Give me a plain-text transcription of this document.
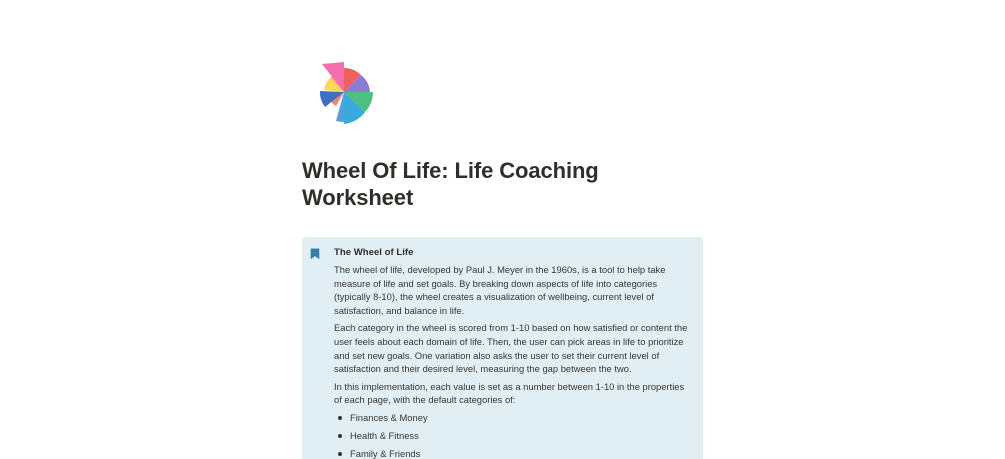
Wheel Of Life: Life Coaching Worksheet
The Wheel of Life

The wheel of life, developed by Paul J. Meyer in the 1960s, is a tool to help take measure of life and set goals. By breaking down aspects of life into categories (typically 8-10), the wheel creates a visualization of wellbeing, current level of satisfaction, and balance in life.

Each category in the wheel is scored from 1-10 based on how satisfied or content the user feels about each domain of life. Then, the user can pick areas in life to prioritize and set new goals. One variation also asks the user to set their current level of satisfaction and their desired level, measuring the gap between the two.

In this implementation, each value is set as a number between 1-10 in the properties of each page, with the default categories of:

Finances & Money
Health & Fitness
Family & Friends
